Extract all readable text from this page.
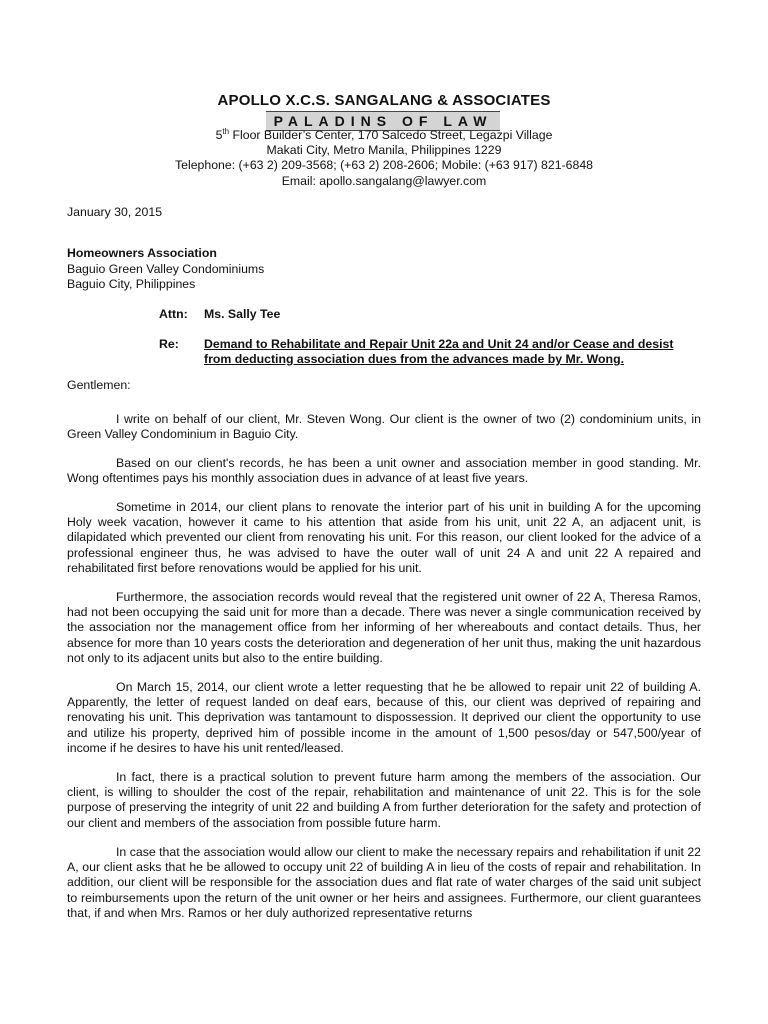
APOLLO X.C.S. SANGALANG & ASSOCIATES
PALADINS OF LAW
5th Floor Builder’s Center, 170 Salcedo Street, Legazpi Village
Makati City, Metro Manila, Philippines 1229
Telephone: (+63 2) 209-3568; (+63 2) 208-2606; Mobile: (+63 917) 821-6848
Email: apollo.sangalang@lawyer.com
January 30, 2015
Homeowners Association
Baguio Green Valley Condominiums
Baguio City, Philippines
Attn: Ms. Sally Tee
Re: Demand to Rehabilitate and Repair Unit 22a and Unit 24 and/or Cease and desist from deducting association dues from the advances made by Mr. Wong.
Gentlemen:
I write on behalf of our client, Mr. Steven Wong. Our client is the owner of two (2) condominium units, in Green Valley Condominium in Baguio City.
Based on our client's records, he has been a unit owner and association member in good standing. Mr. Wong oftentimes pays his monthly association dues in advance of at least five years.
Sometime in 2014, our client plans to renovate the interior part of his unit in building A for the upcoming Holy week vacation, however it came to his attention that aside from his unit, unit 22 A, an adjacent unit, is dilapidated which prevented our client from renovating his unit. For this reason, our client looked for the advice of a professional engineer thus, he was advised to have the outer wall of unit 24 A and unit 22 A repaired and rehabilitated first before renovations would be applied for his unit.
Furthermore, the association records would reveal that the registered unit owner of 22 A, Theresa Ramos, had not been occupying the said unit for more than a decade. There was never a single communication received by the association nor the management office from her informing of her whereabouts and contact details. Thus, her absence for more than 10 years costs the deterioration and degeneration of her unit thus, making the unit hazardous not only to its adjacent units but also to the entire building.
On March 15, 2014, our client wrote a letter requesting that he be allowed to repair unit 22 of building A. Apparently, the letter of request landed on deaf ears, because of this, our client was deprived of repairing and renovating his unit. This deprivation was tantamount to dispossession. It deprived our client the opportunity to use and utilize his property, deprived him of possible income in the amount of 1,500 pesos/day or 547,500/year of income if he desires to have his unit rented/leased.
In fact, there is a practical solution to prevent future harm among the members of the association. Our client, is willing to shoulder the cost of the repair, rehabilitation and maintenance of unit 22. This is for the sole purpose of preserving the integrity of unit 22 and building A from further deterioration for the safety and protection of our client and members of the association from possible future harm.
In case that the association would allow our client to make the necessary repairs and rehabilitation if unit 22 A, our client asks that he be allowed to occupy unit 22 of building A in lieu of the costs of repair and rehabilitation. In addition, our client will be responsible for the association dues and flat rate of water charges of the said unit subject to reimbursements upon the return of the unit owner or her heirs and assignees. Furthermore, our client guarantees that, if and when Mrs. Ramos or her duly authorized representative returns
